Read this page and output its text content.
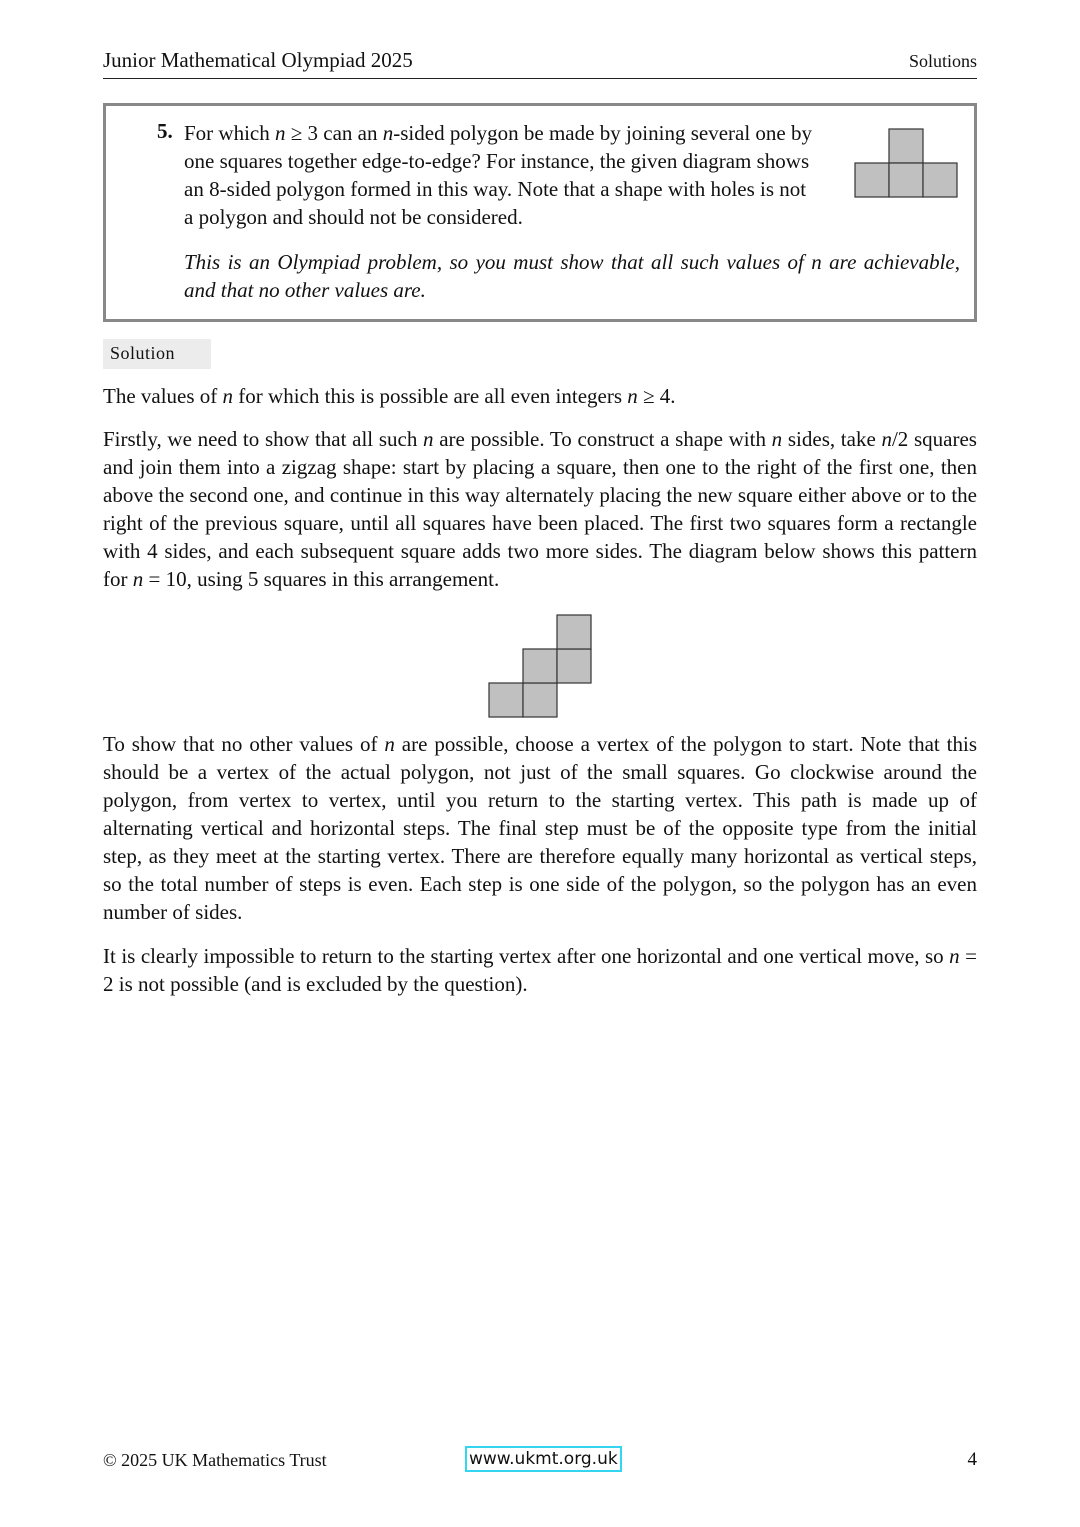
Junior Mathematical Olympiad 2025	Solutions
5. For which n ≥ 3 can an n-sided polygon be made by joining several one by one squares together edge-to-edge? For instance, the given diagram shows an 8-sided polygon formed in this way. Note that a shape with holes is not a polygon and should not be considered.
This is an Olympiad problem, so you must show that all such values of n are achievable, and that no other values are.
Solution

The values of n for which this is possible are all even integers n ≥ 4.

Firstly, we need to show that all such n are possible. To construct a shape with n sides, take n/2 squares and join them into a zigzag shape: start by placing a square, then one to the right of the first one, then above the second one, and continue in this way alternately placing the new square either above or to the right of the previous square, until all squares have been placed. The first two squares form a rectangle with 4 sides, and each subsequent square adds two more sides. The diagram below shows this pattern for n = 10, using 5 squares in this arrangement.

To show that no other values of n are possible, choose a vertex of the polygon to start. Note that this should be a vertex of the actual polygon, not just of the small squares. Go clockwise around the polygon, from vertex to vertex, until you return to the starting vertex. This path is made up of alternating vertical and horizontal steps. The final step must be of the opposite type from the initial step, as they meet at the starting vertex. There are therefore equally many horizontal as vertical steps, so the total number of steps is even. Each step is one side of the polygon, so the polygon has an even number of sides.

It is clearly impossible to return to the starting vertex after one horizontal and one vertical move, so n = 2 is not possible (and is excluded by the question).

© 2025 UK Mathematics Trust	www.ukmt.org.uk	4
